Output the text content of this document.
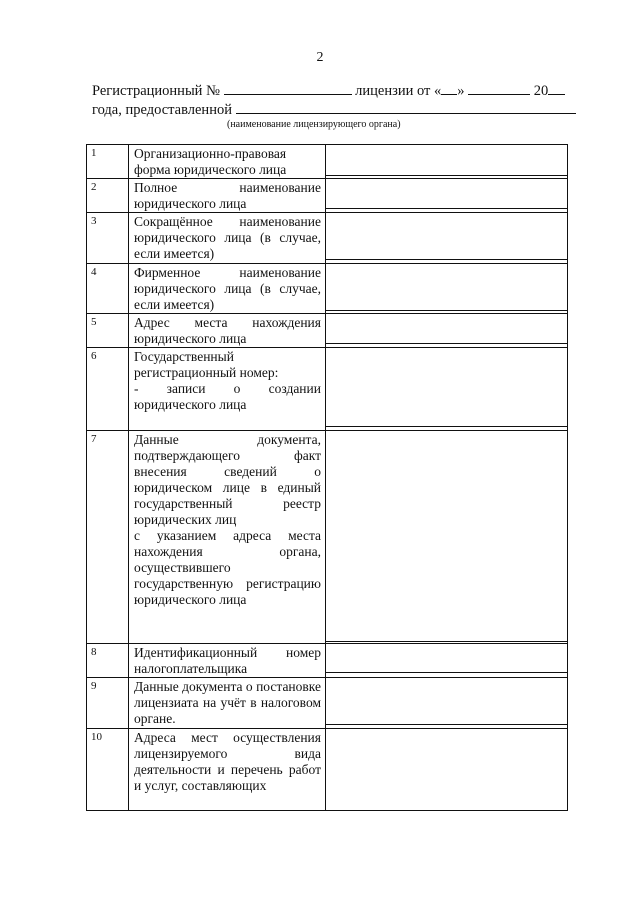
2
Регистрационный №	лицензии от « »	20
года, предоставленной
(наименование лицензирующего органа)
1	Организационно-правовая форма юридического лица	

2	Полное наименование юридического лица	

3	Сокращённое наименование юридического лица (в случае, если имеется)	

4	Фирменное наименование юридического лица (в случае, если имеется)	

5	Адрес места нахождения юридического лица	

6	Государственный регистрационный номер:
- записи о создании юридического лица	

7	Данные документа, подтверждающего факт внесения сведений о юридическом лице в единый государственный реестр юридических лиц
с указанием адреса места нахождения органа, осуществившего государственную регистрацию юридического лица	

8	Идентификационный номер налогоплательщика	

9	Данные документа о постановке лицензиата на учёт в налоговом органе.	

10	Адреса мест осуществления лицензируемого вида деятельности и перечень работ и услуг, составляющих	
